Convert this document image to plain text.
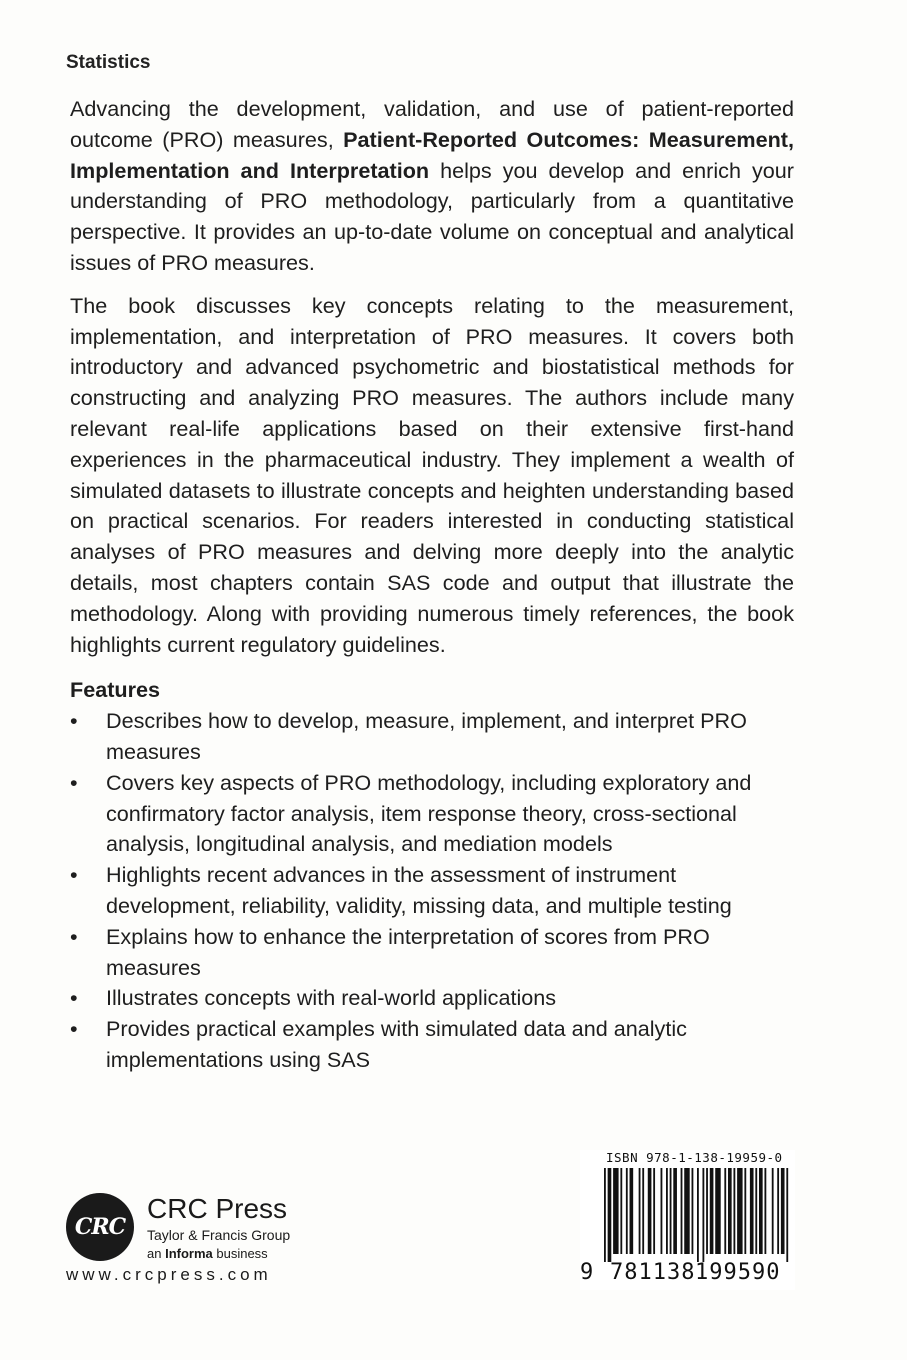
Statistics

Advancing the development, validation, and use of patient-reported outcome (PRO) measures, Patient-Reported Outcomes: Measurement, Implementation and Interpretation helps you develop and enrich your understanding of PRO methodology, particularly from a quantitative perspective. It provides an up-to-date volume on conceptual and analytical issues of PRO measures.

The book discusses key concepts relating to the measurement, implementation, and interpretation of PRO measures. It covers both introductory and advanced psychometric and biostatistical methods for constructing and analyzing PRO measures. The authors include many relevant real-life applications based on their extensive first-hand experiences in the pharmaceutical industry. They implement a wealth of simulated datasets to illustrate concepts and heighten understanding based on practical scenarios. For readers interested in conducting statistical analyses of PRO measures and delving more deeply into the analytic details, most chapters contain SAS code and output that illustrate the methodology. Along with providing numerous timely references, the book highlights current regulatory guidelines.

Features
•	Describes how to develop, measure, implement, and interpret PRO measures
•	Covers key aspects of PRO methodology, including exploratory and confirmatory factor analysis, item response theory, cross-sectional analysis, longitudinal analysis, and mediation models
•	Highlights recent advances in the assessment of instrument development, reliability, validity, missing data, and multiple testing
•	Explains how to enhance the interpretation of scores from PRO measures
•	Illustrates concepts with real-world applications
•	Provides practical examples with simulated data and analytic implementations using SAS
CRC
CRC Press
Taylor & Francis Group
an Informa business
www.crcpress.com
ISBN 978-1-138-19959-0
9 781138 199590
